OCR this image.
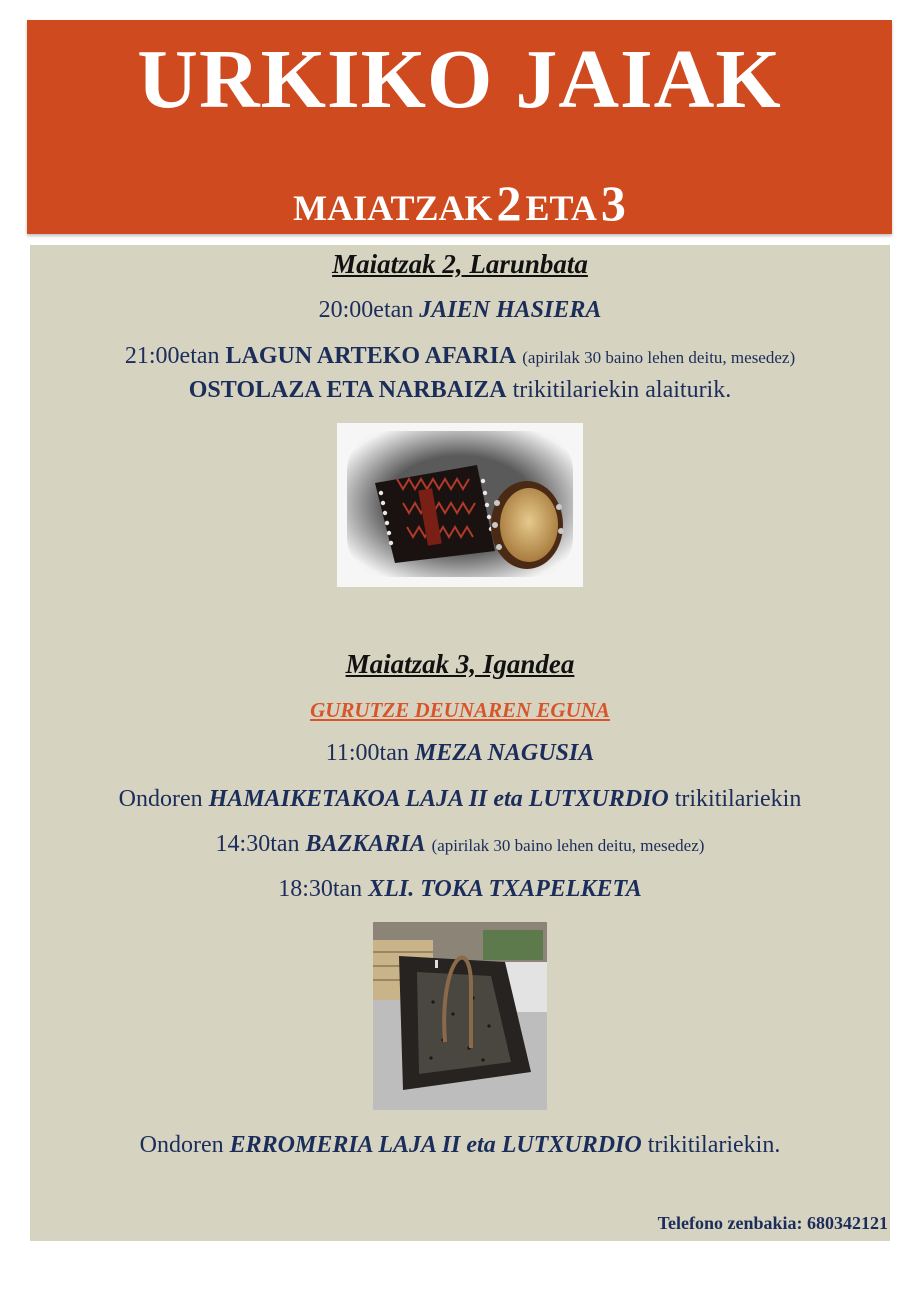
URKIKO JAIAK
MAIATZAK 2 ETA 3
Maiatzak 2, Larunbata
20:00etan JAIEN HASIERA
21:00etan LAGUN ARTEKO AFARIA (apirilak 30 baino lehen deitu, mesedez)
OSTOLAZA ETA NARBAIZA trikitilariekin alaiturik.
Maiatzak 3, Igandea
GURUTZE DEUNAREN EGUNA
11:00tan MEZA NAGUSIA
Ondoren HAMAIKETAKOA LAJA II eta LUTXURDIO trikitilariekin
14:30tan BAZKARIA (apirilak 30 baino lehen deitu, mesedez)
18:30tan XLI. TOKA TXAPELKETA
Ondoren ERROMERIA LAJA II eta LUTXURDIO trikitilariekin.
Telefono zenbakia: 680342121
